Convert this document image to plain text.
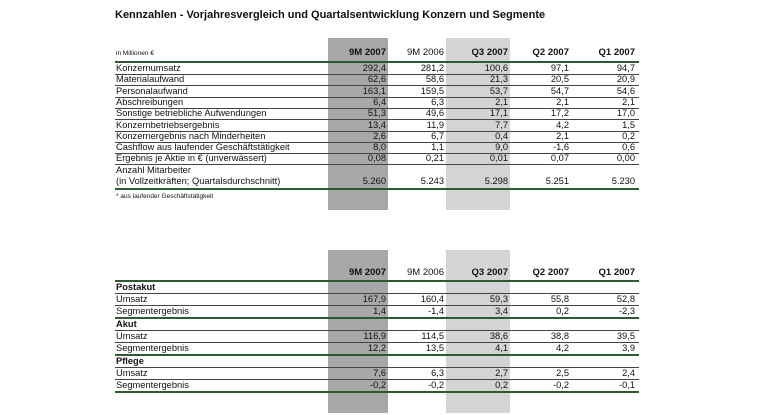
Kennzahlen - Vorjahresvergleich und Quartalsentwicklung Konzern und Segmente
in Millionen €	9M 2007	9M 2006	Q3 2007	Q2 2007	Q1 2007
9M 2007	9M 2006	Q3 2007	Q2 2007	Q1 2007
Konzernumsatz	292,4	281,2	100,6	97,1	94,7
Materialaufwand	62,6	58,6	21,3	20,5	20,9
Personalaufwand	163,1	159,5	53,7	54,7	54,6
Abschreibungen	6,4	6,3	2,1	2,1	2,1
Sonstige betriebliche Aufwendungen	51,3	49,6	17,1	17,2	17,0
Konzernbetriebsergebnis	13,4	11,9	7,7	4,2	1,5
Konzernergebnis nach Minderheiten	2,6	6,7	0,4	2,1	0,2
Cashflow aus laufender Geschäftstätigkeit	8,0	1,1	9,0	-1,6	0,6
Ergebnis je Aktie in € (unverwässert)	0,08	0,21	0,01	0,07	0,00
Anzahl Mitarbeiter
(in Vollzeitkräften; Quartalsdurchschnitt)	5.260	5.243	5.298	5.251	5.230
* aus laufender Geschäftstätigkeit
Postakut
Umsatz	167,9	160,4	59,3	55,8	52,8
Segmentergebnis	1,4	-1,4	3,4	0,2	-2,3
Akut
Umsatz	116,9	114,5	38,6	38,8	39,5
Segmentergebnis	12,2	13,5	4,1	4,2	3,9
Pflege
Umsatz	7,6	6,3	2,7	2,5	2,4
Segmentergebnis	-0,2	-0,2	0,2	-0,2	-0,1
